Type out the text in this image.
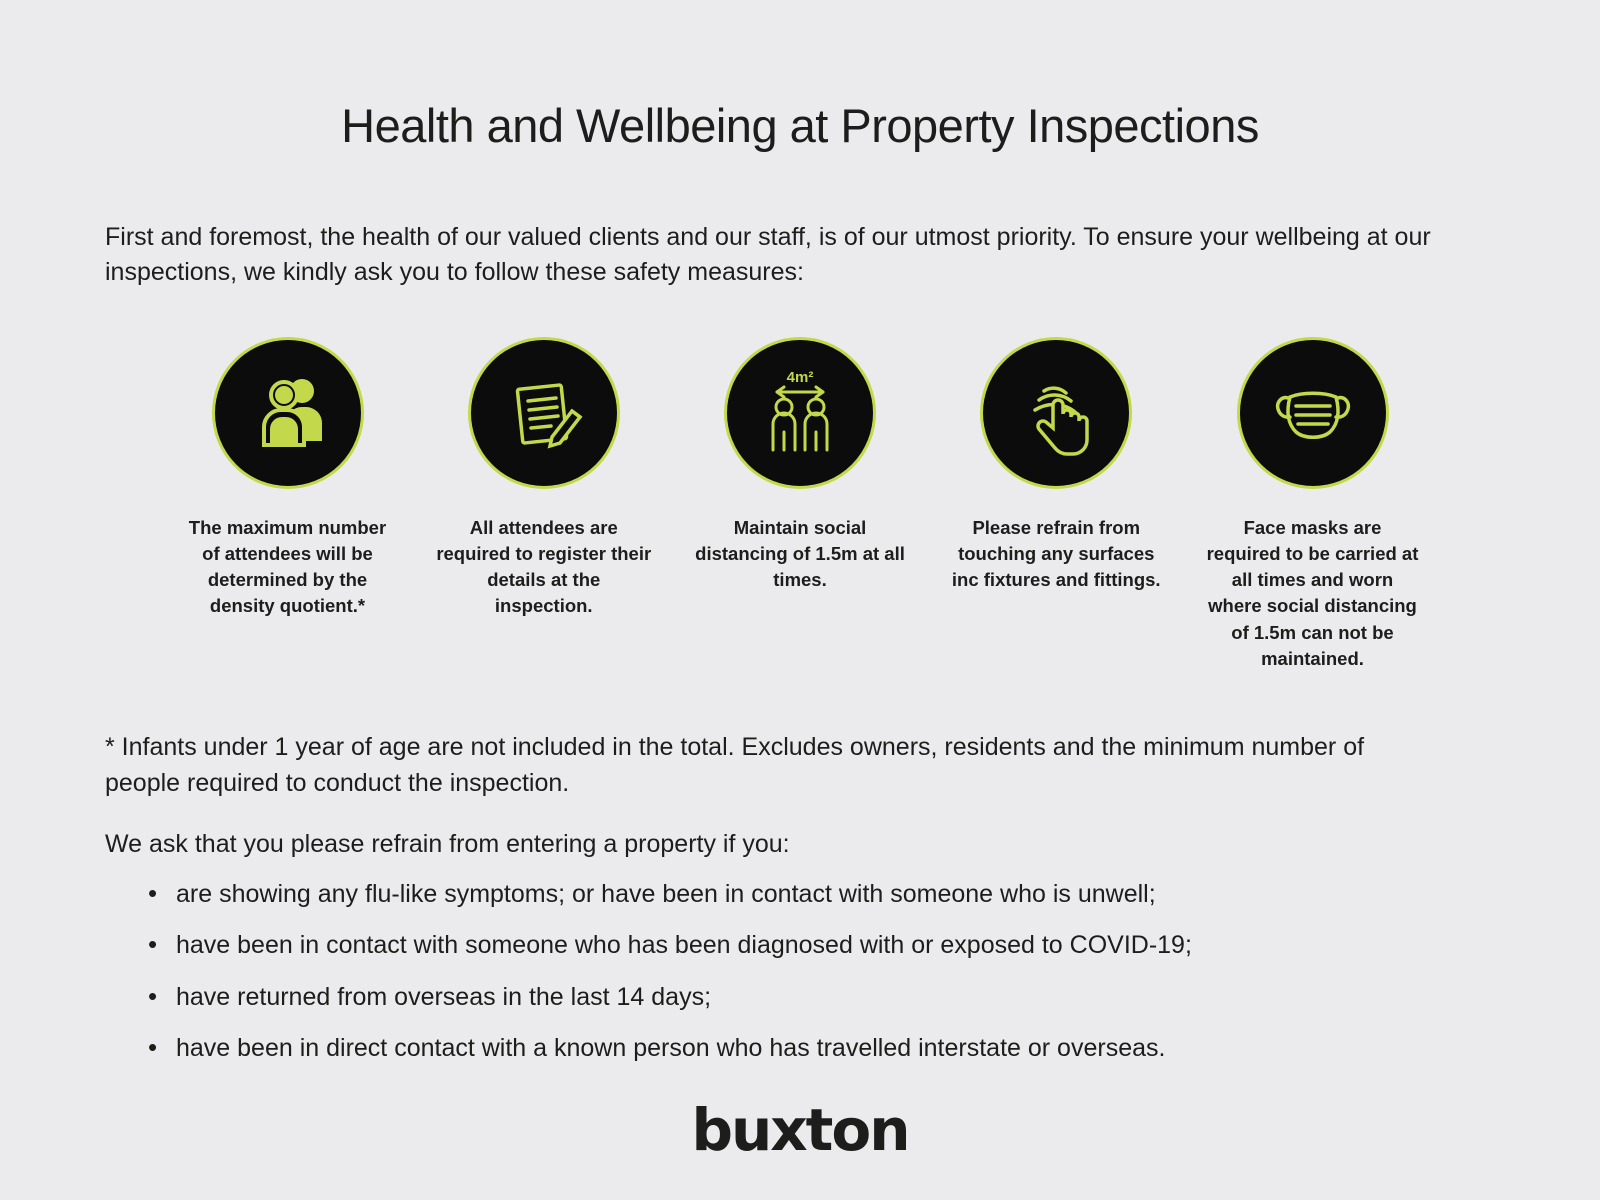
Health and Wellbeing at Property Inspections

First and foremost, the health of our valued clients and our staff, is of our utmost priority. To ensure your wellbeing at our inspections, we kindly ask you to follow these safety measures:

The maximum number of attendees will be determined by the density quotient.*
All attendees are required to register their details at the inspection.
4m²
Maintain social distancing of 1.5m at all times.
Please refrain from touching any surfaces inc fixtures and fittings.
Face masks are required to be carried at all times and worn where social distancing of 1.5m can not be maintained.

* Infants under 1 year of age are not included in the total. Excludes owners, residents and the minimum number of people required to conduct the inspection.

We ask that you please refrain from entering a property if you:

• are showing any flu-like symptoms; or have been in contact with someone who is unwell;
• have been in contact with someone who has been diagnosed with or exposed to COVID-19;
• have returned from overseas in the last 14 days;
• have been in direct contact with a known person who has travelled interstate or overseas.
buxton
